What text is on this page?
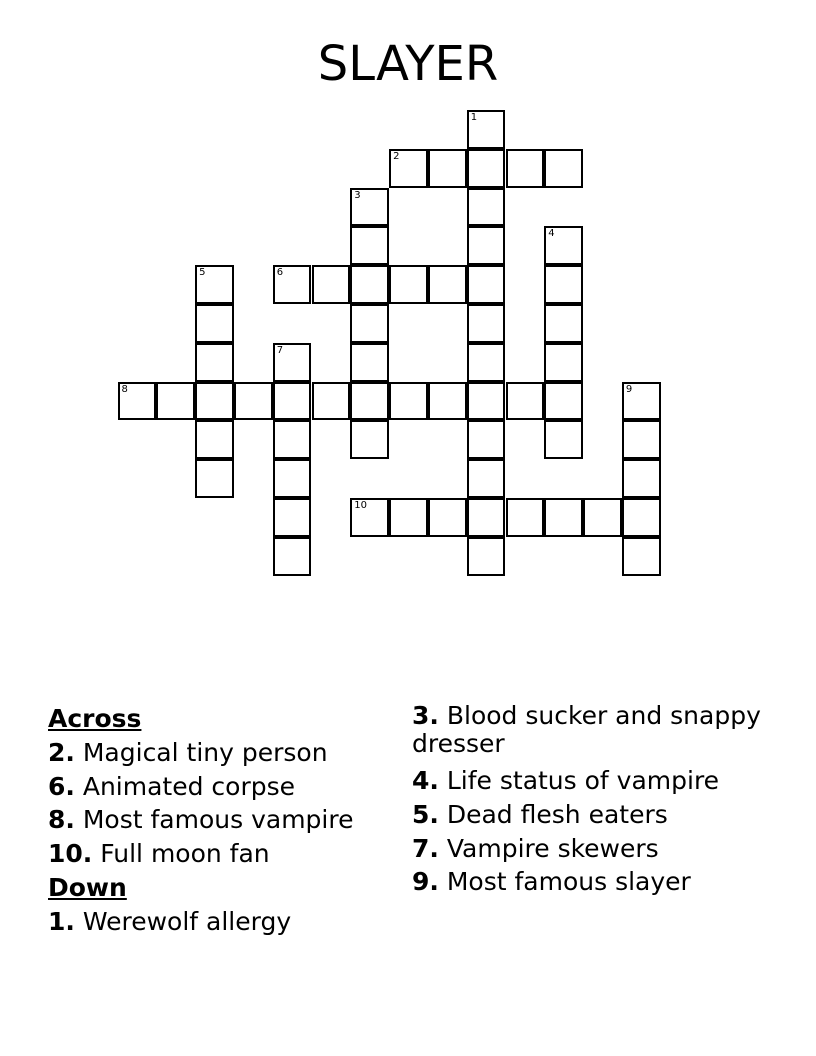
SLAYER
1
2
3
4
5	6
7
8	9
10
Across
2. Magical tiny person
6. Animated corpse
8. Most famous vampire
10. Full moon fan
Down
1. Werewolf allergy
3. Blood sucker and snappy dresser
4. Life status of vampire
5. Dead flesh eaters
7. Vampire skewers
9. Most famous slayer
